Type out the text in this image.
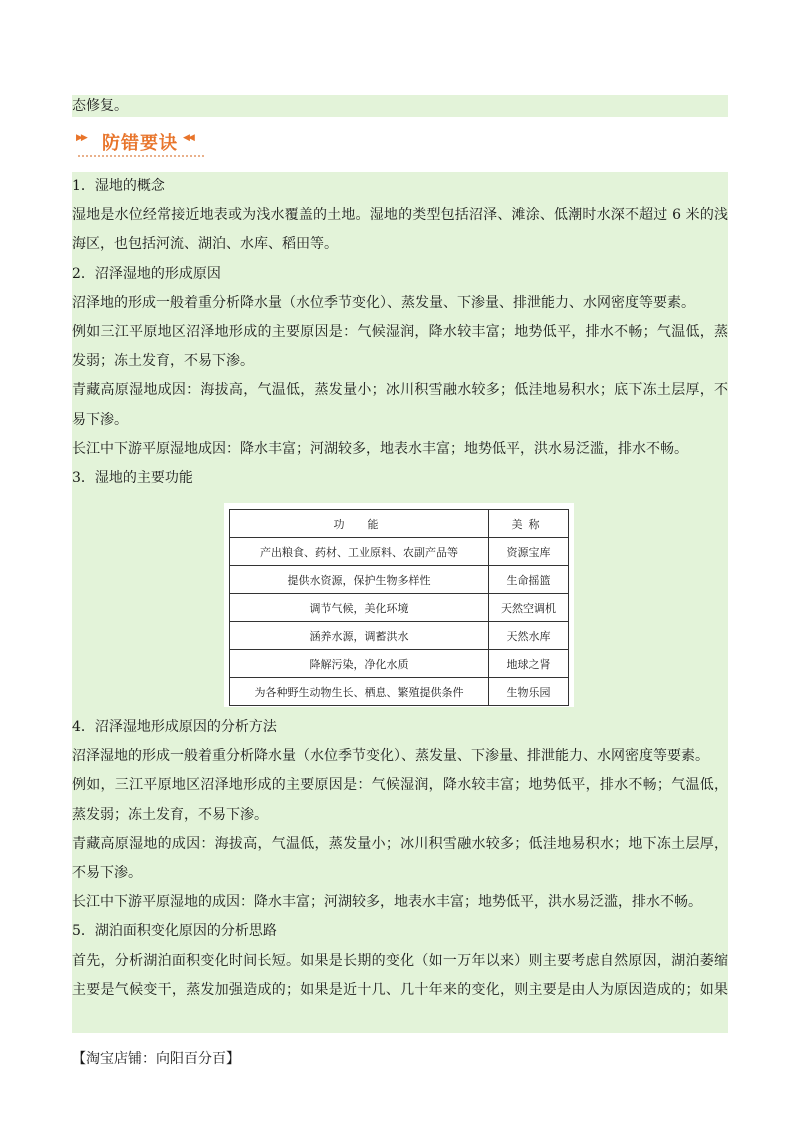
态修复。
▶▶ 防错要诀 ◀◀
1．湿地的概念
湿地是水位经常接近地表或为浅水覆盖的土地。湿地的类型包括沼泽、滩涂、低潮时水深不超过 6 米的浅
海区，也包括河流、湖泊、水库、稻田等。
2．沼泽湿地的形成原因
沼泽地的形成一般着重分析降水量（水位季节变化）、蒸发量、下渗量、排泄能力、水网密度等要素。
例如三江平原地区沼泽地形成的主要原因是：气候湿润，降水较丰富；地势低平，排水不畅；气温低，蒸
发弱；冻土发育，不易下渗。
青藏高原湿地成因：海拔高，气温低，蒸发量小；冰川积雪融水较多；低洼地易积水；底下冻土层厚，不
易下渗。
长江中下游平原湿地成因：降水丰富；河湖较多，地表水丰富；地势低平，洪水易泛滥，排水不畅。
3．湿地的主要功能
功　能	美称
产出粮食、药材、工业原料、农副产品等	资源宝库
提供水资源，保护生物多样性	生命摇篮
调节气候，美化环境	天然空调机
涵养水源，调蓄洪水	天然水库
降解污染，净化水质	地球之肾
为各种野生动物生长、栖息、繁殖提供条件	生物乐园
4．沼泽湿地形成原因的分析方法
沼泽湿地的形成一般着重分析降水量（水位季节变化）、蒸发量、下渗量、排泄能力、水网密度等要素。
例如，三江平原地区沼泽地形成的主要原因是：气候湿润，降水较丰富；地势低平，排水不畅；气温低，
蒸发弱；冻土发育，不易下渗。
青藏高原湿地的成因：海拔高，气温低，蒸发量小；冰川积雪融水较多；低洼地易积水；地下冻土层厚，
不易下渗。
长江中下游平原湿地的成因：降水丰富；河湖较多，地表水丰富；地势低平，洪水易泛滥，排水不畅。
5．湖泊面积变化原因的分析思路
首先，分析湖泊面积变化时间长短。如果是长期的变化（如一万年以来）则主要考虑自然原因，湖泊萎缩
主要是气候变干，蒸发加强造成的；如果是近十几、几十年来的变化，则主要是由人为原因造成的；如果
【淘宝店铺：向阳百分百】
